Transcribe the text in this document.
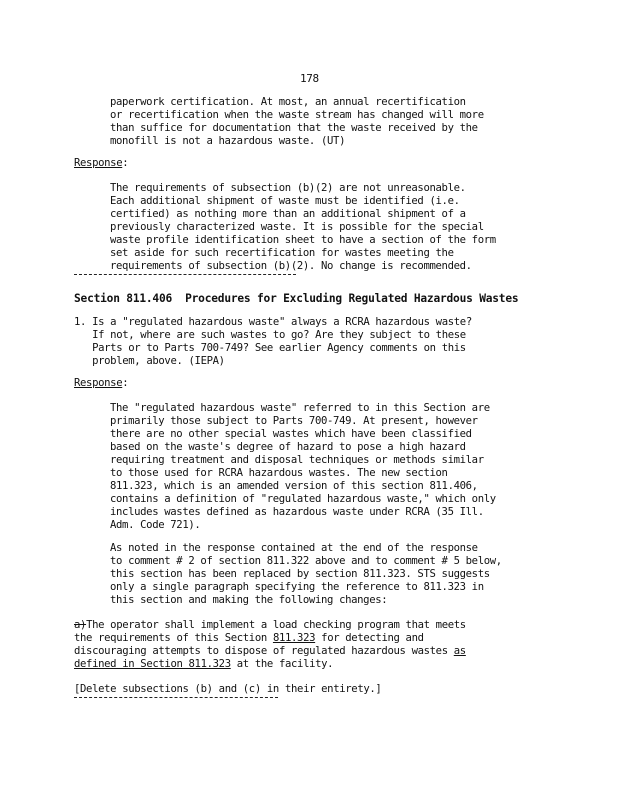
178
paperwork certification. At most, an annual recertification
or recertification when the waste stream has changed will more
than suffice for documentation that the waste received by the
monofill is not a hazardous waste. (UT)
Response:
The requirements of subsection (b)(2) are not unreasonable.
Each additional shipment of waste must be identified (i.e.
certified) as nothing more than an additional shipment of a
previously characterized waste. It is possible for the special
waste profile identification sheet to have a section of the form
set aside for such recertification for wastes meeting the
requirements of subsection (b)(2). No change is recommended.
Section 811.406  Procedures for Excluding Regulated Hazardous Wastes
1. Is a "regulated hazardous waste" always a RCRA hazardous waste?
If not, where are such wastes to go? Are they subject to these
Parts or to Parts 700-749? See earlier Agency comments on this
problem, above. (IEPA)
Response:
The "regulated hazardous waste" referred to in this Section are
primarily those subject to Parts 700-749. At present, however
there are no other special wastes which have been classified
based on the waste's degree of hazard to pose a high hazard
requiring treatment and disposal techniques or methods similar
to those used for RCRA hazardous wastes. The new section
811.323, which is an amended version of this section 811.406,
contains a definition of "regulated hazardous waste," which only
includes wastes defined as hazardous waste under RCRA (35 Ill.
Adm. Code 721).
As noted in the response contained at the end of the response
to comment # 2 of section 811.322 above and to comment # 5 below,
this section has been replaced by section 811.323. STS suggests
only a single paragraph specifying the reference to 811.323 in
this section and making the following changes:
a)The operator shall implement a load checking program that meets
the requirements of this Section 811.323 for detecting and
discouraging attempts to dispose of regulated hazardous wastes as
defined in Section 811.323 at the facility.
[Delete subsections (b) and (c) in their entirety.]
